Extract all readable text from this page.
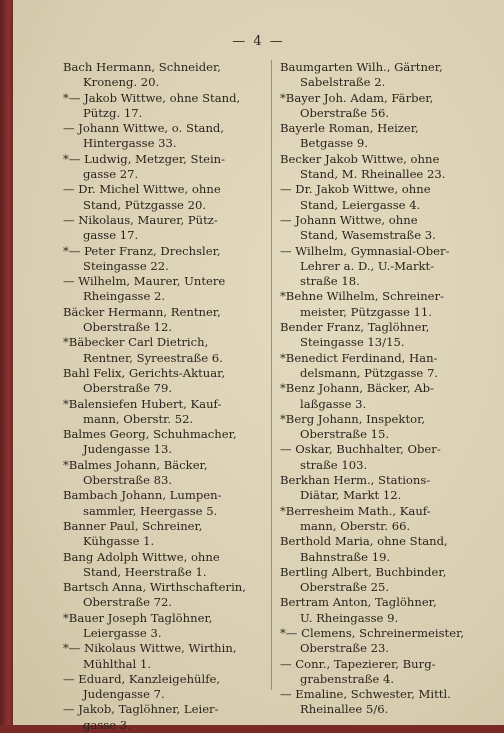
— 4 —
Bach Hermann, Schneider,
Kroneng. 20.
*— Jakob Wittwe, ohne Stand,
Pützg. 17.
— Johann Wittwe, o. Stand,
Hintergasse 33.
*— Ludwig, Metzger, Stein-
gasse 27.
— Dr. Michel Wittwe, ohne
Stand, Pützgasse 20.
— Nikolaus, Maurer, Pütz-
gasse 17.
*— Peter Franz, Drechsler,
Steingasse 22.
— Wilhelm, Maurer, Untere
Rheingasse 2.
Bäcker Hermann, Rentner,
Oberstraße 12.
*Bäbecker Carl Dietrich,
Rentner, Syreestraße 6.
Bahl Felix, Gerichts-Aktuar,
Oberstraße 79.
*Balensiefen Hubert, Kauf-
mann, Oberstr. 52.
Balmes Georg, Schuhmacher,
Judengasse 13.
*Balmes Johann, Bäcker,
Oberstraße 83.
Bambach Johann, Lumpen-
sammler, Heergasse 5.
Banner Paul, Schreiner,
Kühgasse 1.
Bang Adolph Wittwe, ohne
Stand, Heerstraße 1.
Bartsch Anna, Wirthschafterin,
Oberstraße 72.
*Bauer Joseph Taglöhner,
Leiergasse 3.
*— Nikolaus Wittwe, Wirthin,
Mühlthal 1.
— Eduard, Kanzleigehülfe,
Judengasse 7.
— Jakob, Taglöhner, Leier-
gasse 3.
Baumgarten Wilh., Gärtner,
Sabelstraße 2.
*Bayer Joh. Adam, Färber,
Oberstraße 56.
Bayerle Roman, Heizer,
Betgasse 9.
Becker Jakob Wittwe, ohne
Stand, M. Rheinallee 23.
— Dr. Jakob Wittwe, ohne
Stand, Leiergasse 4.
— Johann Wittwe, ohne
Stand, Wasemstraße 3.
— Wilhelm, Gymnasial-Ober-
Lehrer a. D., U.-Markt-
straße 18.
*Behne Wilhelm, Schreiner-
meister, Pützgasse 11.
Bender Franz, Taglöhner,
Steingasse 13/15.
*Benedict Ferdinand, Han-
delsmann, Pützgasse 7.
*Benz Johann, Bäcker, Ab-
laßgasse 3.
*Berg Johann, Inspektor,
Oberstraße 15.
— Oskar, Buchhalter, Ober-
straße 103.
Berkhan Herm., Stations-
Diätar, Markt 12.
*Berresheim Math., Kauf-
mann, Oberstr. 66.
Berthold Maria, ohne Stand,
Bahnstraße 19.
Bertling Albert, Buchbinder,
Oberstraße 25.
Bertram Anton, Taglöhner,
U. Rheingasse 9.
*— Clemens, Schreinermeister,
Oberstraße 23.
— Conr., Tapezierer, Burg-
grabenstraße 4.
— Emaline, Schwester, Mittl.
Rheinallee 5/6.
